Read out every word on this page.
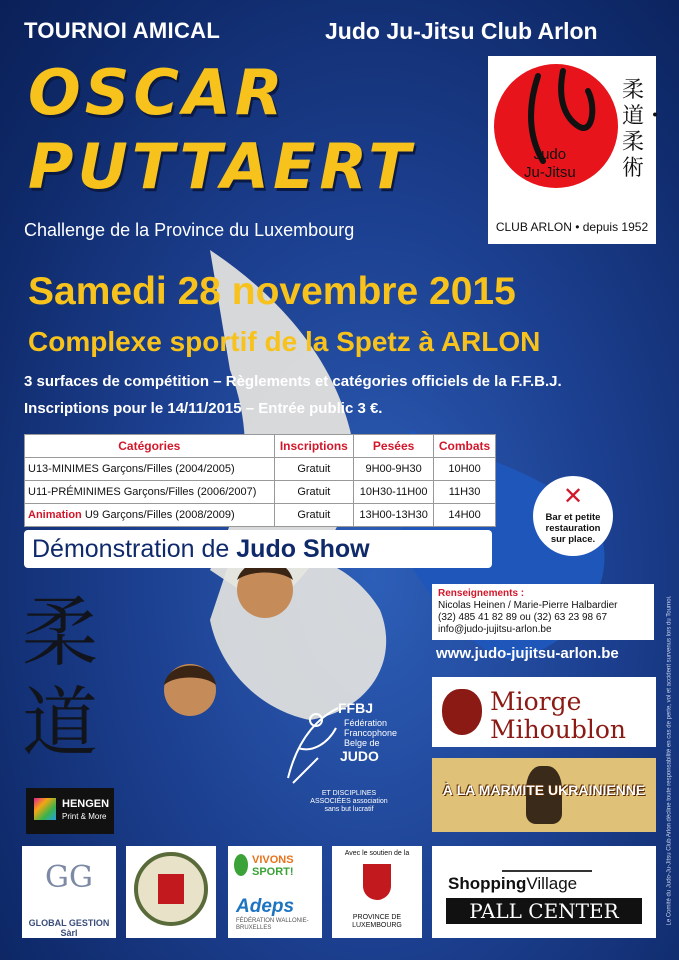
TOURNOI AMICAL	Judo Ju-Jitsu Club Arlon
OSCAR
PUTTAERT
Challenge de la Province du Luxembourg
Judo
Ju-Jitsu
柔道・柔術
CLUB ARLON • depuis 1952
Samedi 28 novembre 2015
Complexe sportif de la Spetz à ARLON
3 surfaces de compétition – Règlements et catégories officiels de la F.F.B.J.
Inscriptions pour le 14/11/2015 – Entrée public 3 €.
Catégories	Inscriptions	Pesées	Combats
U13-MINIMES Garçons/Filles (2004/2005)	Gratuit	9H00-9H30	10H00
U11-PRÉMINIMES Garçons/Filles (2006/2007)	Gratuit	10H30-11H00	11H30
Animation U9 Garçons/Filles (2008/2009)	Gratuit	13H00-13H30	14H00
✕
Bar et petite
restauration
sur place.
Démonstration de Judo Show
柔道
Renseignements :
Nicolas Heinen / Marie-Pierre Halbardier
(32) 485 41 82 89 ou (32) 63 23 98 67
info@judo-jujitsu-arlon.be
www.judo-jujitsu-arlon.be
FFBJ
Fédération
Francophone
Belge de
JUDO
ET DISCIPLINES ASSOCIÉES association sans but lucratif
Miorge
Mihoublon
À LA MARMITE UKRAINIENNE
HENGEN
Print & More
GG
GLOBAL GESTION Sàrl
VIVONS
SPORT!
Adeps
FÉDÉRATION WALLONIE-BRUXELLES
Avec le soutien de la
PROVINCE DE LUXEMBOURG
ShoppingVillage
PALL CENTER	Le Comité du Judo-Ju-Jitsu Club Arlon décline toute responsabilité en cas de perte, vol et accident survenus lors du Tournoi.
